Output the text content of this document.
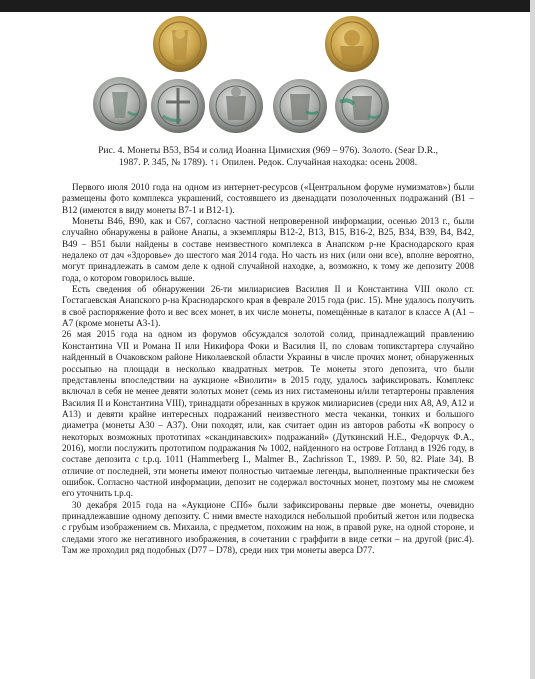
Рис. 4. Монеты B53, B54 и солид Иоанна Цимисхия (969 – 976). Золото. (Sear D.R.,
1987. P. 345, № 1789). ↑↓ Опилен. Редок. Случайная находка: осень 2008.

Первого июля 2010 года на одном из интернет-ресурсов («Центральном форуме нумизматов») были размещены фото комплекса украшений, состоявшего из двенадцати позолоченных подражаний (B1 – B12 (имеются в виду монеты B7-1 и B12-1).

Монеты B46, B90, как и C67, согласно частной непроверенной информации, осенью 2013 г., были случайно обнаружены в районе Анапы, а экземпляры B12-2, B13, B15, B16-2, B25, B34, B39, B4, B42, B49 – B51 были найдены в составе неизвестного комплекса в Анапском р-не Краснодарского края недалеко от дач «Здоровье» до шестого мая 2014 года. Но часть из них (или они все), вполне вероятно, могут принадлежать в самом деле к одной случайной находке, а, возможно, к тому же депозиту 2008 года, о котором говорилось выше.

Есть сведения об обнаружении 26-ти милиарисиев Василия II и Константина VIII около ст. Гостагаевская Анапского р-на Краснодарского края в феврале 2015 года (рис. 15). Мне удалось получить в своё распоряжение фото и вес всех монет, в их числе монеты, помещённые в каталог в классе A (A1 – A7 (кроме монеты A3-1).

26 мая 2015 года на одном из форумов обсуждался золотой солид, принадлежащий правлению Константина VII и Романа II или Никифора Фоки и Василия II, по словам топикстартера случайно найденный в Очаковском районе Николаевской области Украины в числе прочих монет, обнаруженных россыпью на площади в несколько квадратных метров. Те монеты этого депозита, что были представлены впоследствии на аукционе «Виолити» в 2015 году, удалось зафиксировать. Комплекс включал в себя не менее девяти золотых монет (семь из них гистаменоны и/или тетартероны правления Василия II и Константина VIII), тринадцати обрезанных в кружок милиарисиев (среди них A8, A9, A12 и A13) и девяти крайне интересных подражаний неизвестного места чеканки, тонких и большого диаметра (монеты A30 – A37). Они походят, или, как считает один из авторов работы «К вопросу о некоторых возможных прототипах «скандинавских» подражаний» (Дуткинский Н.Е., Федорчук Ф.А., 2016), могли послужить прототипом подражания № 1002, найденного на острове Готланд в 1926 году, в составе депозита с t.p.q. 1011 (Hammerberg I., Malmer B., Zachrisson T., 1989. P. 50, 82. Plate 34). В отличие от последней, эти монеты имеют полностью читаемые легенды, выполненные практически без ошибок. Согласно частной информации, депозит не содержал восточных монет, поэтому мы не сможем его уточнить t.p.q.

30 декабря 2015 года на «Аукционе СПб» были зафиксированы первые две монеты, очевидно принадлежавшие одному депозиту. С ними вместе находился небольшой пробитый жетон или подвеска с грубым изображением св. Михаила, с предметом, похожим на нож, в правой руке, на одной стороне, и следами этого же негативного изображения, в сочетании с граффити в виде сетки – на другой (рис.4). Там же проходил ряд подобных (D77 – D78), среди них три монеты аверса D77.
